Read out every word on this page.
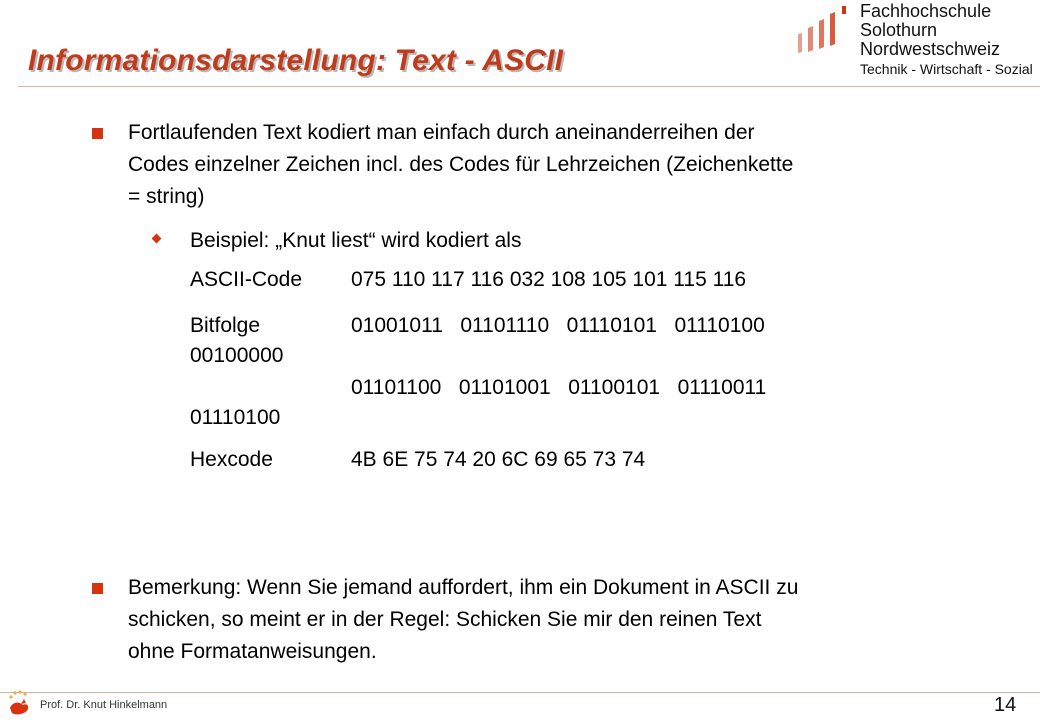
Informationsdarstellung: Text - ASCII
Fachhochschule
Solothurn
Nordwestschweiz
Technik - Wirtschaft - Sozial
Fortlaufenden Text kodiert man einfach durch aneinanderreihen der
Codes einzelner Zeichen incl. des Codes für Lehrzeichen (Zeichenkette
= string)
Beispiel: „Knut liest“ wird kodiert als
ASCII-Code 075 110 117 116 032 108 105 101 115 116
Bitfolge	01001011   01101110   01110101   01110100
00100000
01101100   01101001   01100101   01110011
01110100
Hexcode	4B 6E 75 74 20 6C 69 65 73 74
Bemerkung: Wenn Sie jemand auffordert, ihm ein Dokument in ASCII zu
schicken, so meint er in der Regel: Schicken Sie mir den reinen Text
ohne Formatanweisungen.
Prof. Dr. Knut Hinkelmann	14
